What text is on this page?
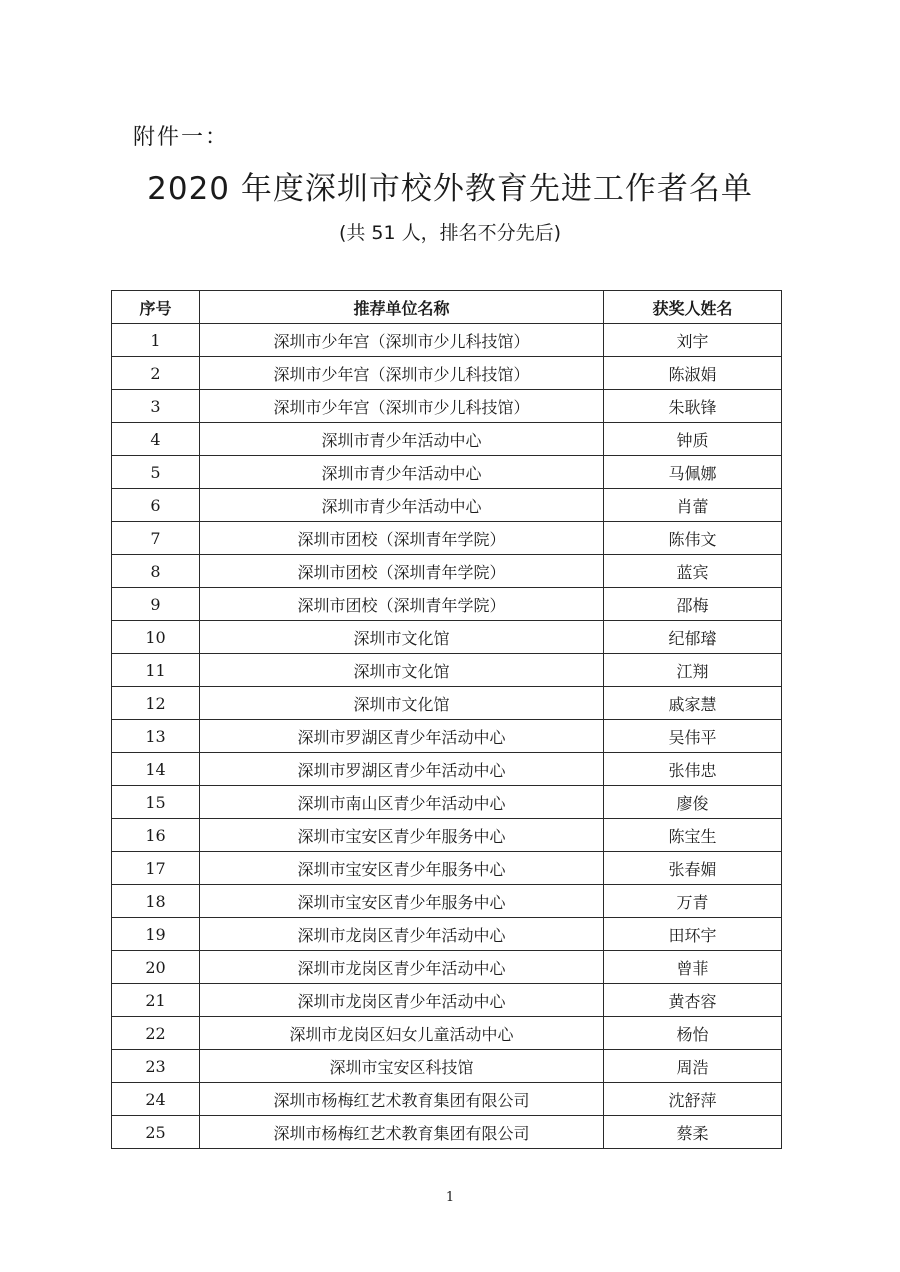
附件一：
2020 年度深圳市校外教育先进工作者名单
(共 51 人，排名不分先后)
序号	推荐单位名称	获奖人姓名
1	深圳市少年宫（深圳市少儿科技馆）	刘宇
2	深圳市少年宫（深圳市少儿科技馆）	陈淑娟
3	深圳市少年宫（深圳市少儿科技馆）	朱耿锋
4	深圳市青少年活动中心	钟质
5	深圳市青少年活动中心	马佩娜
6	深圳市青少年活动中心	肖蕾
7	深圳市团校（深圳青年学院）	陈伟文
8	深圳市团校（深圳青年学院）	蓝宾
9	深圳市团校（深圳青年学院）	邵梅
10	深圳市文化馆	纪郁璿
11	深圳市文化馆	江翔
12	深圳市文化馆	戚家慧
13	深圳市罗湖区青少年活动中心	吴伟平
14	深圳市罗湖区青少年活动中心	张伟忠
15	深圳市南山区青少年活动中心	廖俊
16	深圳市宝安区青少年服务中心	陈宝生
17	深圳市宝安区青少年服务中心	张春媚
18	深圳市宝安区青少年服务中心	万青
19	深圳市龙岗区青少年活动中心	田环宇
20	深圳市龙岗区青少年活动中心	曾菲
21	深圳市龙岗区青少年活动中心	黄杏容
22	深圳市龙岗区妇女儿童活动中心	杨怡
23	深圳市宝安区科技馆	周浩
24	深圳市杨梅红艺术教育集团有限公司	沈舒萍
25	深圳市杨梅红艺术教育集团有限公司	蔡柔
1
